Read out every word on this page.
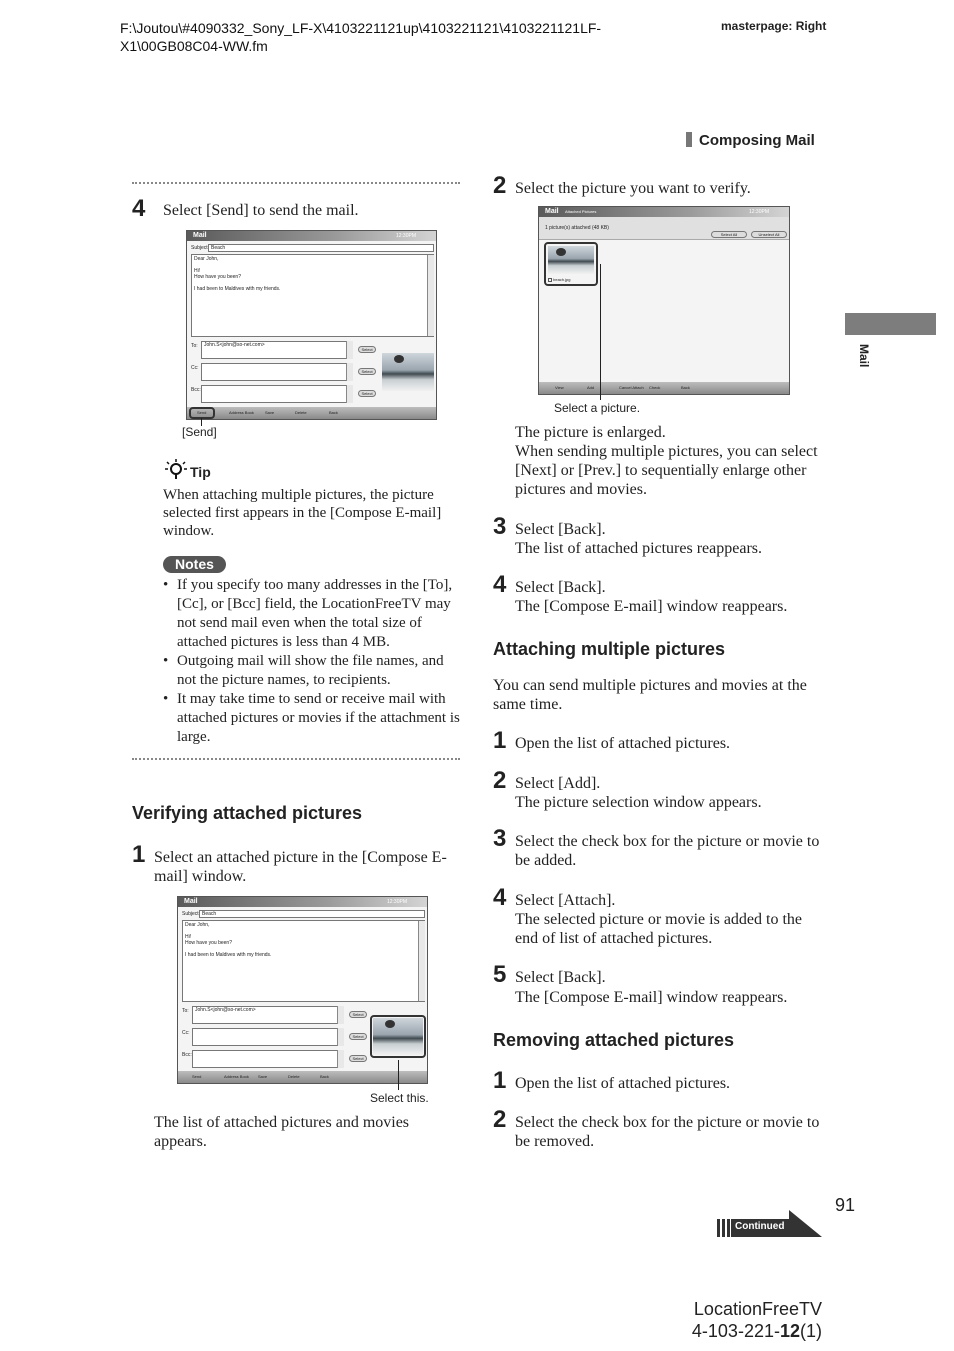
F:\Joutou\#4090332_Sony_LF-X\4103221121up\4103221121\4103221121LF-
X1\00GB08C04-WW.fm
masterpage: Right
Composing Mail
Mail
4 Select [Send] to send the mail.
Mail	12:30PM
Subject Beach
Dear John,
Hi!
How have you been?
I had been to Maldives with my friends.
To:	John.S<john@so-net.com>
Select
Cc:
Select
Bcc:
Select
Send	Address Book	Save	Delete	Back
[Send]
Tip
When attaching multiple pictures, the picture selected first appears in the [Compose E-mail] window.
Notes
• If you specify too many addresses in the [To], [Cc], or [Bcc] field, the LocationFreeTV may not send mail even when the total size of attached pictures is less than 4 MB.
• Outgoing mail will show the file names, and not the picture names, to recipients.
• It may take time to send or receive mail with attached pictures or movies if the attachment is large.
Verifying attached pictures
1 Select an attached picture in the [Compose E-mail] window.
Mail	12:30PM
Subject Beach
Dear John,
Hi!
How have you been?
I had been to Maldives with my friends.
To:	John.S<john@so-net.com>
Select
Cc:
Select
Bcc:
Select
Send	Address Book Save	Delete	Back
Select this.
The list of attached pictures and movies appears.
2 Select the picture you want to verify.
Mail Attached Pictures	12:30PM
1 picture(s) attached (48 KB)
Select All	Unselect All
beach.jpg
View	Add	Cancel Attach Check	Back
Select a picture.
The picture is enlarged.
When sending multiple pictures, you can select [Next] or [Prev.] to sequentially enlarge other pictures and movies.
3 Select [Back].
The list of attached pictures reappears.
4 Select [Back].
The [Compose E-mail] window reappears.
Attaching multiple pictures
You can send multiple pictures and movies at the same time.
1 Open the list of attached pictures.
2 Select [Add].
The picture selection window appears.
3 Select the check box for the picture or movie to be added.
4 Select [Attach].
The selected picture or movie is added to the end of list of attached pictures.
5 Select [Back].
The [Compose E-mail] window reappears.
Removing attached pictures
1 Open the list of attached pictures.
2 Select the check box for the picture or movie to be removed.
91
Continued
LocationFreeTV
4-103-221-12(1)
